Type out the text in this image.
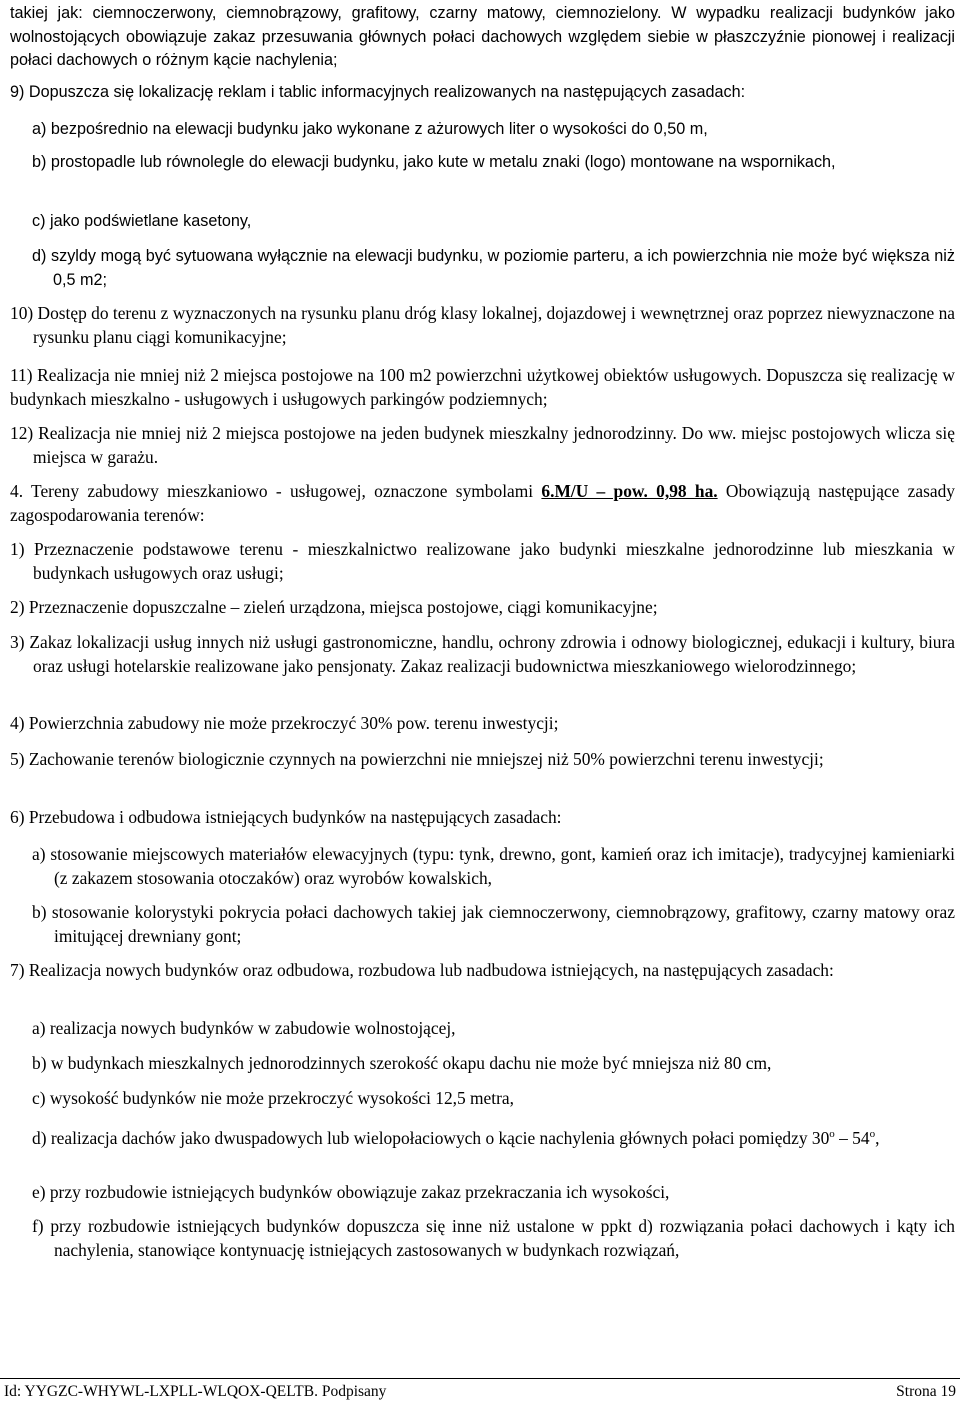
takiej jak: ciemnoczerwony, ciemnobrązowy, grafitowy, czarny matowy, ciemnozielony. W wypadku realizacji budynków jako wolnostojących obowiązuje zakaz przesuwania głównych połaci dachowych względem siebie w płaszczyźnie pionowej i realizacji połaci dachowych o różnym kącie nachylenia;

9) Dopuszcza się lokalizację reklam i tablic informacyjnych realizowanych na następujących zasadach:

a) bezpośrednio na elewacji budynku jako wykonane z ażurowych liter o wysokości do 0,50 m,

b) prostopadle lub równolegle do elewacji budynku, jako kute w metalu znaki (logo) montowane na wspornikach,

c) jako podświetlane kasetony,

d) szyldy mogą być sytuowana wyłącznie na elewacji budynku, w poziomie parteru, a ich powierzchnia nie może być większa niż 0,5 m2;

10) Dostęp do terenu z wyznaczonych na rysunku planu dróg klasy lokalnej, dojazdowej i wewnętrznej oraz poprzez niewyznaczone na rysunku planu ciągi komunikacyjne;

11) Realizacja nie mniej niż 2 miejsca postojowe na 100 m2 powierzchni użytkowej obiektów usługowych. Dopuszcza się realizację w budynkach mieszkalno - usługowych i usługowych parkingów podziemnych;

12) Realizacja nie mniej niż 2 miejsca postojowe na jeden budynek mieszkalny jednorodzinny. Do ww. miejsc postojowych wlicza się miejsca w garażu.

4. Tereny zabudowy mieszkaniowo - usługowej, oznaczone symbolami 6.M/U – pow. 0,98 ha. Obowiązują następujące zasady zagospodarowania terenów:

1) Przeznaczenie podstawowe terenu - mieszkalnictwo realizowane jako budynki mieszkalne jednorodzinne lub mieszkania w budynkach usługowych oraz usługi;

2) Przeznaczenie dopuszczalne – zieleń urządzona, miejsca postojowe, ciągi komunikacyjne;

3) Zakaz lokalizacji usług innych niż usługi gastronomiczne, handlu, ochrony zdrowia i odnowy biologicznej, edukacji i kultury, biura oraz usługi hotelarskie realizowane jako pensjonaty. Zakaz realizacji budownictwa mieszkaniowego wielorodzinnego;

4) Powierzchnia zabudowy nie może przekroczyć 30% pow. terenu inwestycji;

5) Zachowanie terenów biologicznie czynnych na powierzchni nie mniejszej niż 50% powierzchni terenu inwestycji;

6) Przebudowa i odbudowa istniejących budynków na następujących zasadach:

a) stosowanie miejscowych materiałów elewacyjnych (typu: tynk, drewno, gont, kamień oraz ich imitacje), tradycyjnej kamieniarki (z zakazem stosowania otoczaków) oraz wyrobów kowalskich,

b) stosowanie kolorystyki pokrycia połaci dachowych takiej jak ciemnoczerwony, ciemnobrązowy, grafitowy, czarny matowy oraz imitującej drewniany gont;

7) Realizacja nowych budynków oraz odbudowa, rozbudowa lub nadbudowa istniejących, na następujących zasadach:

a) realizacja nowych budynków w zabudowie wolnostojącej,

b) w budynkach mieszkalnych jednorodzinnych szerokość okapu dachu nie może być mniejsza niż 80 cm,

c) wysokość budynków nie może przekroczyć wysokości 12,5 metra,

d) realizacja dachów jako dwuspadowych lub wielopołaciowych o kącie nachylenia głównych połaci pomiędzy 30$^o$ – 54$^o$,

e) przy rozbudowie istniejących budynków obowiązuje zakaz przekraczania ich wysokości,

f) przy rozbudowie istniejących budynków dopuszcza się inne niż ustalone w ppkt d) rozwiązania połaci dachowych i kąty ich nachylenia, stanowiące kontynuację istniejących zastosowanych w budynkach rozwiązań,

Id: YYGZC-WHYWL-LXPLL-WLQOX-QELTB. Podpisany	Strona 19
